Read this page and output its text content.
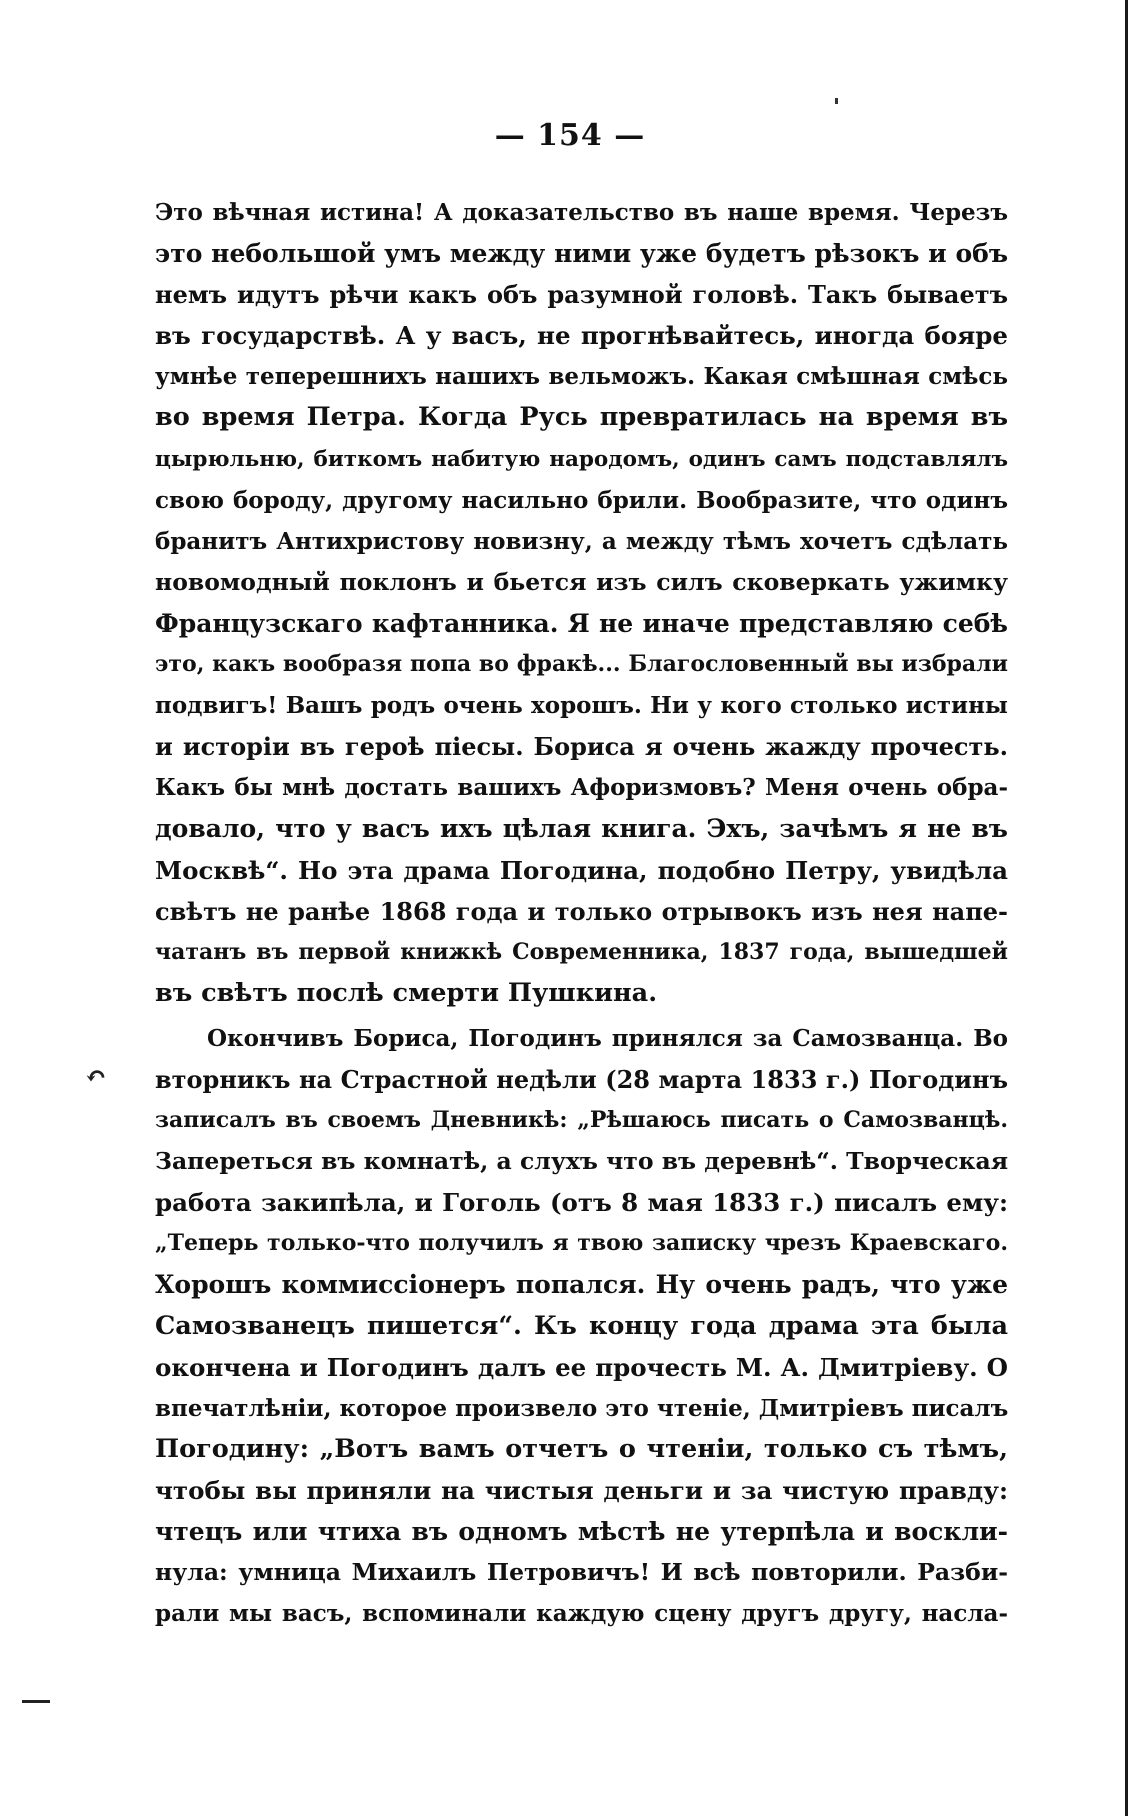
↶
— 154 —
Это вѣчная истина! А доказательство въ наше время. Черезъ
это небольшой умъ между ними уже будетъ рѣзокъ и объ
немъ идутъ рѣчи какъ объ разумной головѣ. Такъ бываетъ
въ государствѣ. А у васъ, не прогнѣвайтесь, иногда бояре
умнѣе теперешнихъ нашихъ вельможъ. Какая смѣшная смѣсь
во время Петра. Когда Русь превратилась на время въ
цырюльню, биткомъ набитую народомъ, одинъ самъ подставлялъ
свою бороду, другому насильно брили. Вообразите, что одинъ
бранитъ Антихристову новизну, а между тѣмъ хочетъ сдѣлать
новомодный поклонъ и бьется изъ силъ сковеркать ужимку
Французскаго кафтанника. Я не иначе представляю себѣ
это, какъ вообразя попа во фракѣ... Благословенный вы избрали
подвигъ! Вашъ родъ очень хорошъ. Ни у кого столько истины
и исторіи въ героѣ піесы. Бориса я очень жажду прочесть.
Какъ бы мнѣ достать вашихъ Афоризмовъ? Меня очень обра-
довало, что у васъ ихъ цѣлая книга. Эхъ, зачѣмъ я не въ
Москвѣ“. Но эта драма Погодина, подобно Петру, увидѣла
свѣтъ не ранѣе 1868 года и только отрывокъ изъ нея напе-
чатанъ въ первой книжкѣ Современника, 1837 года, вышедшей
въ свѣтъ послѣ смерти Пушкина.
Окончивъ Бориса, Погодинъ принялся за Самозванца. Во
вторникъ на Страстной недѣли (28 марта 1833 г.) Погодинъ
записалъ въ своемъ Дневникѣ: „Рѣшаюсь писать о Самозванцѣ.
Запереться въ комнатѣ, а слухъ что въ деревнѣ“. Творческая
работа закипѣла, и Гоголь (отъ 8 мая 1833 г.) писалъ ему:
„Теперь только-что получилъ я твою записку чрезъ Краевскаго.
Хорошъ коммиссіонеръ попался. Ну очень радъ, что уже
Самозванецъ пишется“. Къ концу года драма эта была
окончена и Погодинъ далъ ее прочесть М. А. Дмитріеву. О
впечатлѣніи, которое произвело это чтеніе, Дмитріевъ писалъ
Погодину: „Вотъ вамъ отчетъ о чтеніи, только съ тѣмъ,
чтобы вы приняли на чистыя деньги и за чистую правду:
чтецъ или чтиха въ одномъ мѣстѣ не утерпѣла и воскли-
нула: умница Михаилъ Петровичъ! И всѣ повторили. Разби-
рали мы васъ, вспоминали каждую сцену другъ другу, насла-
